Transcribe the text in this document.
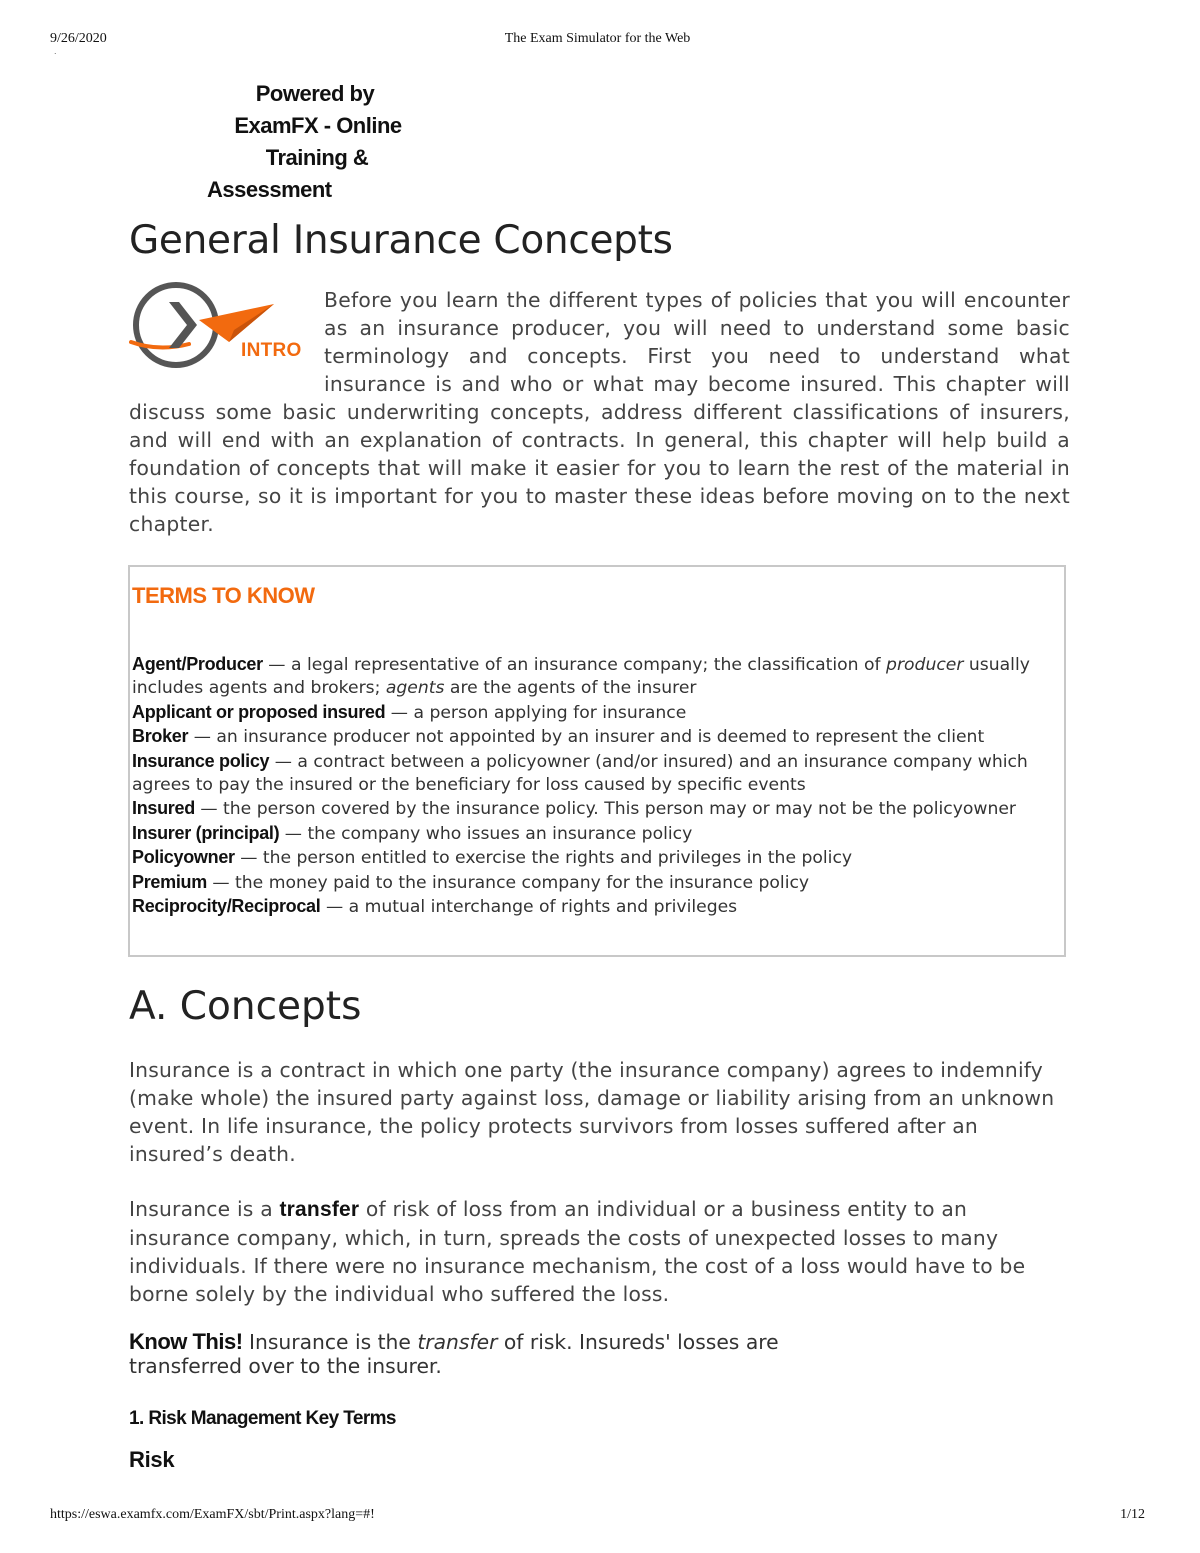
9/26/2020	The Exam Simulator for the Web
.
Powered by
ExamFX - Online
Training &
Assessment
General Insurance Concepts
INTRO
Before you learn the different types of policies that you will encounter as an insurance producer, you will need to understand some basic terminology and concepts. First you need to understand what insurance is and who or what may become insured. This chapter will discuss some basic underwriting concepts, address different classifications of insurers, and will end with an explanation of contracts. In general, this chapter will help build a foundation of concepts that will make it easier for you to learn the rest of the material in this course, so it is important for you to master these ideas before moving on to the next chapter.
TERMS TO KNOW
Agent/Producer — a legal representative of an insurance company; the classification of producer usually includes agents and brokers; agents are the agents of the insurer
Applicant or proposed insured — a person applying for insurance
Broker — an insurance producer not appointed by an insurer and is deemed to represent the client
Insurance policy — a contract between a policyowner (and/or insured) and an insurance company which agrees to pay the insured or the beneficiary for loss caused by specific events
Insured — the person covered by the insurance policy. This person may or may not be the policyowner
Insurer (principal) — the company who issues an insurance policy
Policyowner — the person entitled to exercise the rights and privileges in the policy
Premium — the money paid to the insurance company for the insurance policy
Reciprocity/Reciprocal — a mutual interchange of rights and privileges
A. Concepts
Insurance is a contract in which one party (the insurance company) agrees to indemnify (make whole) the insured party against loss, damage or liability arising from an unknown event. In life insurance, the policy protects survivors from losses suffered after an insured’s death.
Insurance is a transfer of risk of loss from an individual or a business entity to an insurance company, which, in turn, spreads the costs of unexpected losses to many individuals. If there were no insurance mechanism, the cost of a loss would have to be borne solely by the individual who suffered the loss.
Know This! Insurance is the transfer of risk. Insureds' losses are transferred over to the insurer.
1. Risk Management Key Terms
Risk
https://eswa.examfx.com/ExamFX/sbt/Print.aspx?lang=#!	1/12
